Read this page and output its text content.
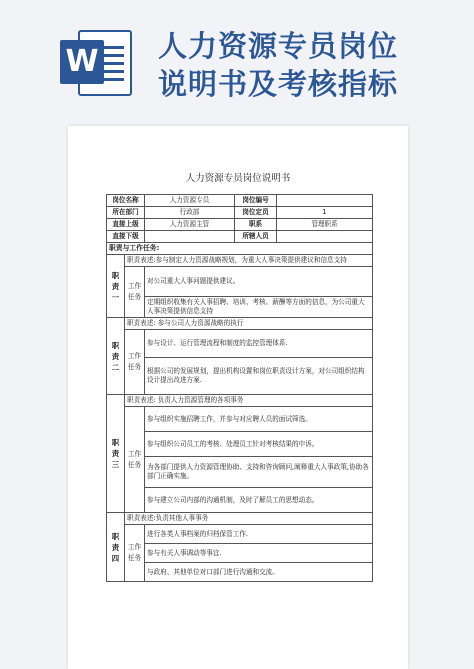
W 人力资源专员岗位
说明书及考核指标
人力资源专员岗位说明书
岗位名称		人力资源专员	岗位编号	
所在部门		行政部	岗位定员	1
直接上级		人力资源主管	职系	管理职系
直接下级			所辖人员	
职责与工作任务:				

职
责
一	职责表述:参与制定人力资源战略规划，为重大人事决策提供建议和信息支持			

	工作
任务	对公司重大人事问题提供建议。		
		定期组织收集有关人事招聘、培训、考核、薪酬等方面的信息，为公司重大人事决策提供信息支持		

职
责
二	职责表述: 参与公司人力资源战略的执行			

	工作
任务	参与设计、运行管理流程和制度的监控管理体系.		
		根据公司的发展规划，提出机构设置和岗位职责设计方案，对公司组织结构设计提出改进方案.		

职
责
三	职责表述: 负责人力资源管理的各项事务			

	工作
任务	参与组织实施招聘工作，并参与对应聘人员的面试筛选。		
		参与组织公司员工的考核、处理员工针对考核结果的申诉。		
		为各部门提供人力资源管理协助、支持和咨询顾问,阐释重大人事政策,协助各部门正确实施。		
		参与建立公司内部的沟通机制，及时了解员工的思想动态。		

职
责
四	职责表述:负责其他人事事务			

	工作
任务	进行各类人事档案的归档保管工作.		
		参与有关人事调动等事宜.		
		与政府、其他单位对口部门进行沟通和交流。		
